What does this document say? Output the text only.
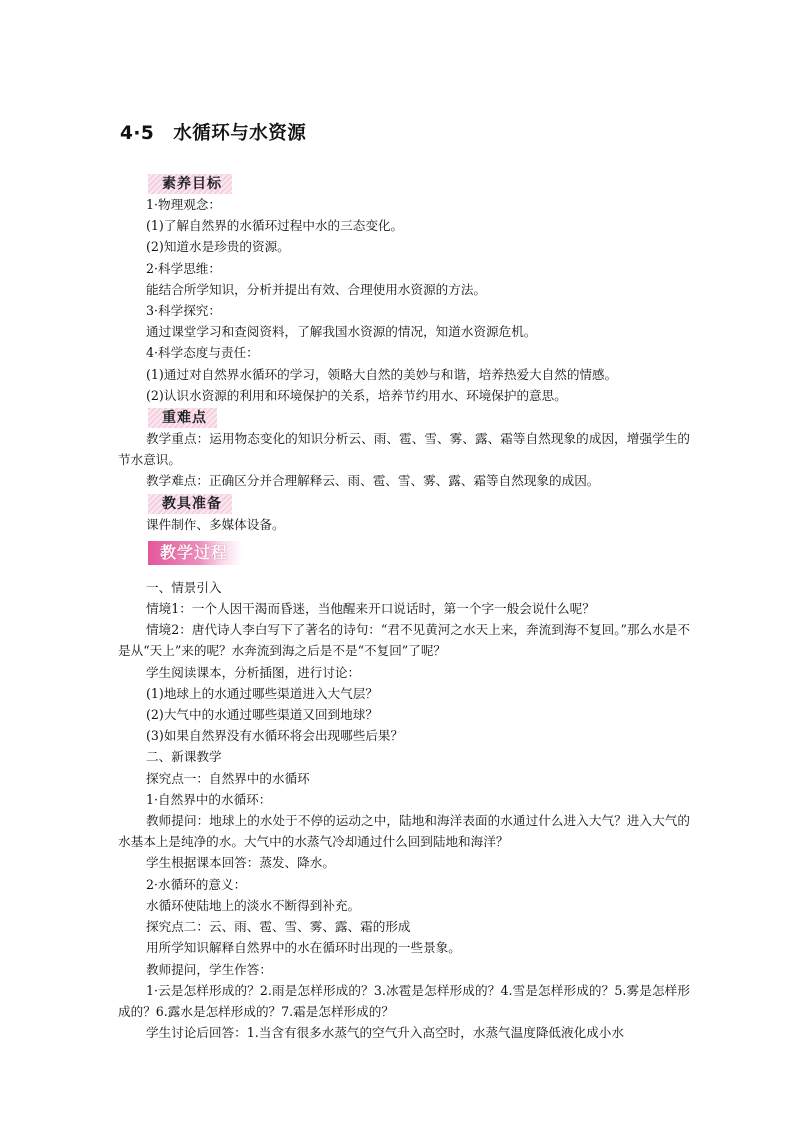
4·5　水循环与水资源
素养目标

1·物理观念：

(1)了解自然界的水循环过程中水的三态变化。

(2)知道水是珍贵的资源。

2·科学思维：

能结合所学知识，分析并提出有效、合理使用水资源的方法。

3·科学探究：

通过课堂学习和查阅资料，了解我国水资源的情况，知道水资源危机。

4·科学态度与责任：

(1)通过对自然界水循环的学习，领略大自然的美妙与和谐，培养热爱大自然的情感。

(2)认识水资源的利用和环境保护的关系，培养节约用水、环境保护的意思。

重难点

教学重点：运用物态变化的知识分析云、雨、雹、雪、雾、露、霜等自然现象的成因，增强学生的节水意识。

教学难点：正确区分并合理解释云、雨、雹、雪、雾、露、霜等自然现象的成因。

教具准备

课件制作、多媒体设备。

教学过程

一、情景引入

情境1：一个人因干渴而昏迷，当他醒来开口说话时，第一个字一般会说什么呢？

情境2：唐代诗人李白写下了著名的诗句：“君不见黄河之水天上来，奔流到海不复回。”那么水是不是从“天上”来的呢？水奔流到海之后是不是“不复回”了呢？

学生阅读课本，分析插图，进行讨论：

(1)地球上的水通过哪些渠道进入大气层？

(2)大气中的水通过哪些渠道又回到地球？

(3)如果自然界没有水循环将会出现哪些后果？

二、新课教学

探究点一：自然界中的水循环

1·自然界中的水循环：

教师提问：地球上的水处于不停的运动之中，陆地和海洋表面的水通过什么进入大气？进入大气的水基本上是纯净的水。大气中的水蒸气冷却通过什么回到陆地和海洋？

学生根据课本回答：蒸发、降水。

2·水循环的意义：

水循环使陆地上的淡水不断得到补充。

探究点二：云、雨、雹、雪、雾、露、霜的形成

用所学知识解释自然界中的水在循环时出现的一些景象。

教师提问，学生作答：

1·云是怎样形成的？2.雨是怎样形成的？3.冰雹是怎样形成的？4.雪是怎样形成的？5.雾是怎样形成的？6.露水是怎样形成的？7.霜是怎样形成的？

学生讨论后回答：1.当含有很多水蒸气的空气升入高空时，水蒸气温度降低液化成小水
